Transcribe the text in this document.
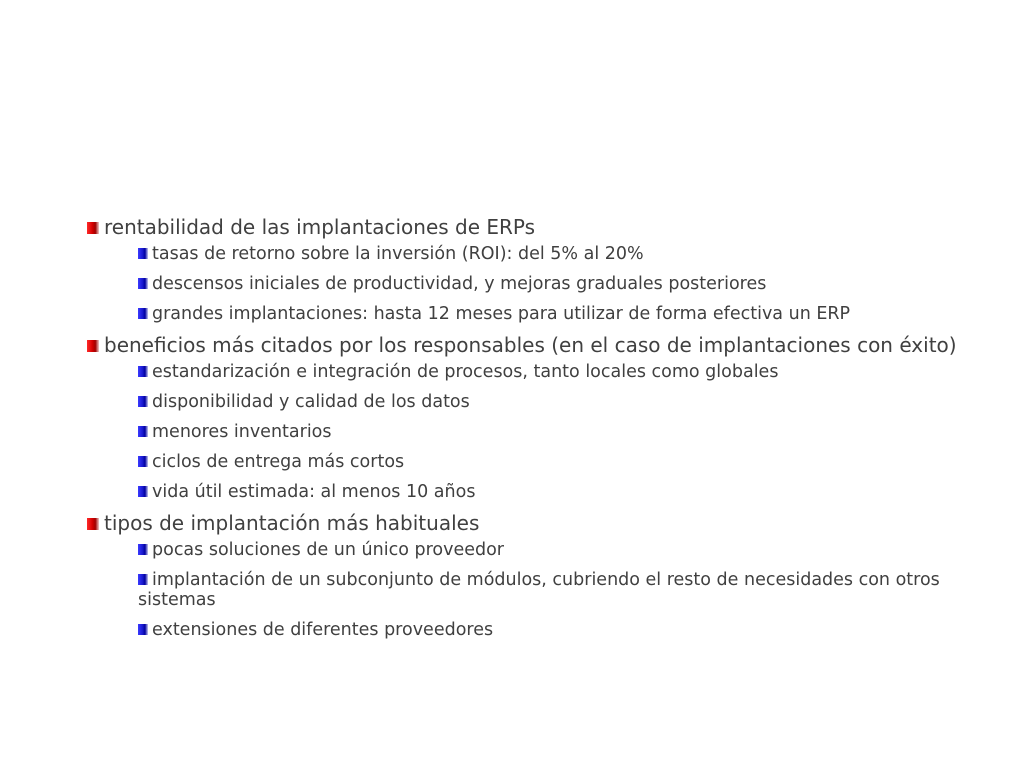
rentabilidad de las implantaciones de ERPs
tasas de retorno sobre la inversión (ROI): del 5% al 20%
descensos iniciales de productividad, y mejoras graduales posteriores
grandes implantaciones: hasta 12 meses para utilizar de forma efectiva un ERP
beneficios más citados por los responsables (en el caso de implantaciones con éxito)
estandarización e integración de procesos, tanto locales como globales
disponibilidad y calidad de los datos
menores inventarios
ciclos de entrega más cortos
vida útil estimada: al menos 10 años
tipos de implantación más habituales
pocas soluciones de un único proveedor
implantación de un subconjunto de módulos, cubriendo el resto de necesidades con otros sistemas
extensiones de diferentes proveedores
